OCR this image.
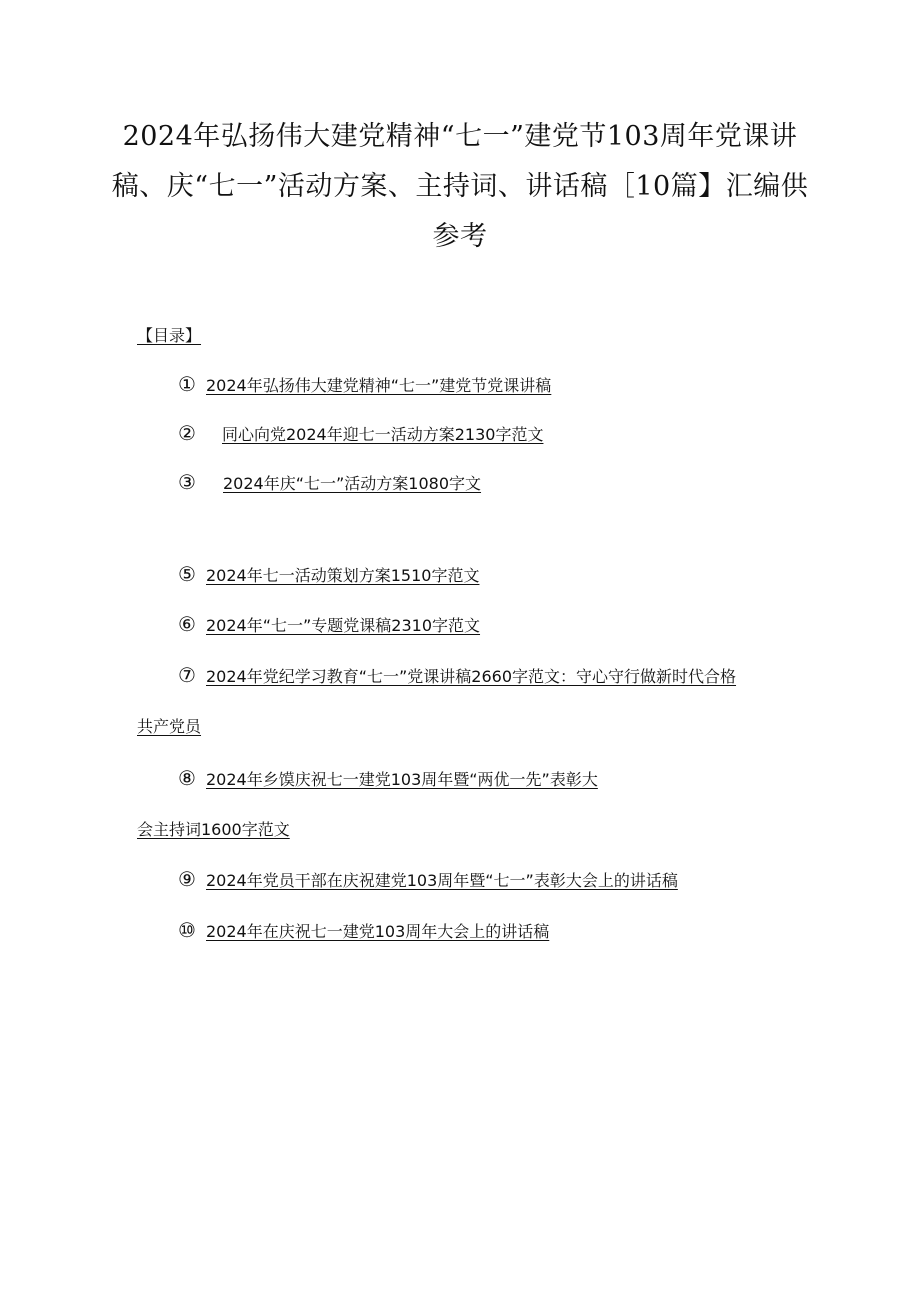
2024年弘扬伟大建党精神“七一”建党节103周年党课讲稿、庆“七一”活动方案、主持词、讲话稿［10篇】汇编供参考
【目录】
① 2024年弘扬伟大建党精神“七一”建党节党课讲稿
② 同心向党2024年迎七一活动方案2130字范文
③ 2024年庆“七一”活动方案1080字文
⑤ 2024年七一活动策划方案1510字范文
⑥ 2024年“七一”专题党课稿2310字范文
⑦ 2024年党纪学习教育“七一”党课讲稿2660字范文：守心守行做新时代合格
共产党员
⑧ 2024年乡馍庆祝七一建党103周年暨“两优一先”表彰大
会主持词1600字范文
⑨ 2024年党员干部在庆祝建党103周年暨“七一”表彰大会上的讲话稿
⑩ 2024年在庆祝七一建党103周年大会上的讲话稿
